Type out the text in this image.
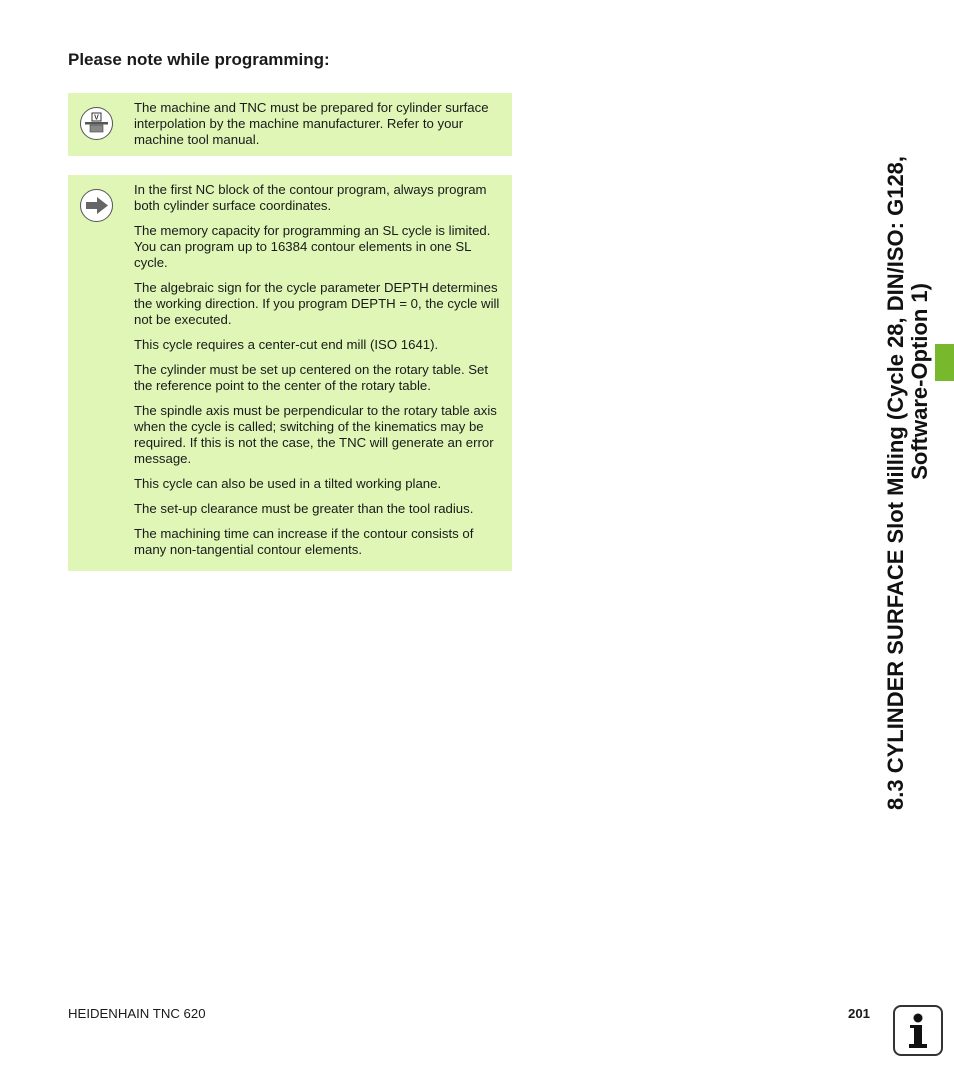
Please note while programming:
V

The machine and TNC must be prepared for cylinder surface interpolation by the machine manufacturer. Refer to your machine tool manual.

In the first NC block of the contour program, always program both cylinder surface coordinates.

The memory capacity for programming an SL cycle is limited. You can program up to 16384 contour elements in one SL cycle.

The algebraic sign for the cycle parameter DEPTH determines the working direction. If you program DEPTH = 0, the cycle will not be executed.

This cycle requires a center-cut end mill (ISO 1641).

The cylinder must be set up centered on the rotary table. Set the reference point to the center of the rotary table.

The spindle axis must be perpendicular to the rotary table axis when the cycle is called; switching of the kinematics may be required. If this is not the case, the TNC will generate an error message.

This cycle can also be used in a tilted working plane.

The set-up clearance must be greater than the tool radius.

The machining time can increase if the contour consists of many non-tangential contour elements.	8.3 CYLINDER SURFACE Slot Milling (Cycle 28, DIN/ISO: G128, Software-Option 1)
HEIDENHAIN TNC 620	201
